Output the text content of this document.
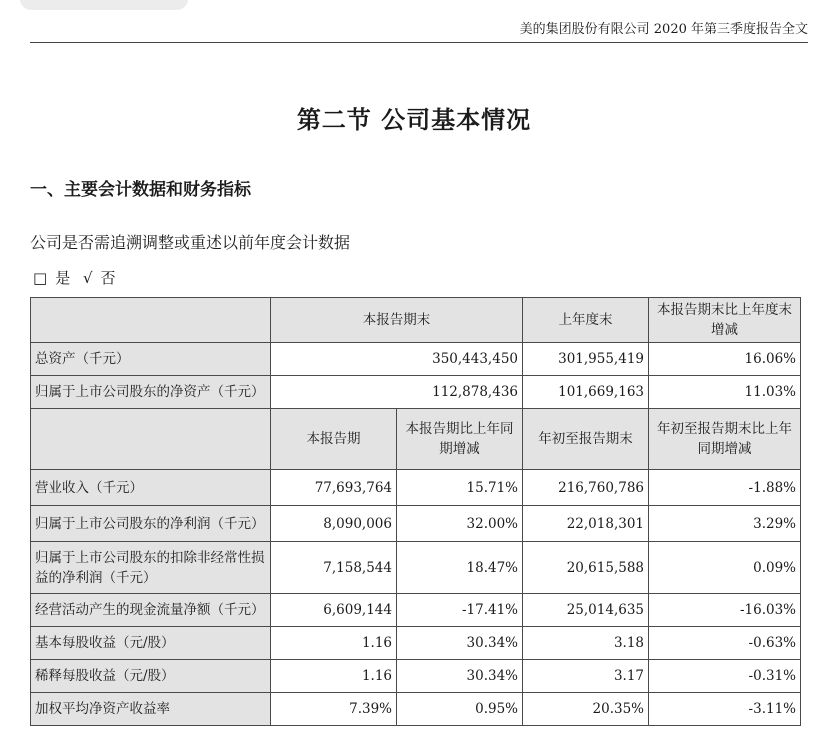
美的集团股份有限公司 2020 年第三季度报告全文
第二节 公司基本情况
一、主要会计数据和财务指标
公司是否需追溯调整或重述以前年度会计数据
□ 是 √ 否
	本报告期末		上年度末	本报告期末比上年度末增减
总资产（千元）	350,443,450		301,955,419	16.06%
归属于上市公司股东的净资产（千元）	112,878,436		101,669,163	11.03%
	本报告期	本报告期比上年同期增减	年初至报告期末	年初至报告期末比上年同期增减
营业收入（千元）	77,693,764	15.71%	216,760,786	-1.88%
归属于上市公司股东的净利润（千元）	8,090,006	32.00%	22,018,301	3.29%
归属于上市公司股东的扣除非经常性损益的净利润（千元）	7,158,544	18.47%	20,615,588	0.09%
经营活动产生的现金流量净额（千元）	6,609,144	-17.41%	25,014,635	-16.03%
基本每股收益（元/股）	1.16	30.34%	3.18	-0.63%
稀释每股收益（元/股）	1.16	30.34%	3.17	-0.31%
加权平均净资产收益率	7.39%	0.95%	20.35%	-3.11%
